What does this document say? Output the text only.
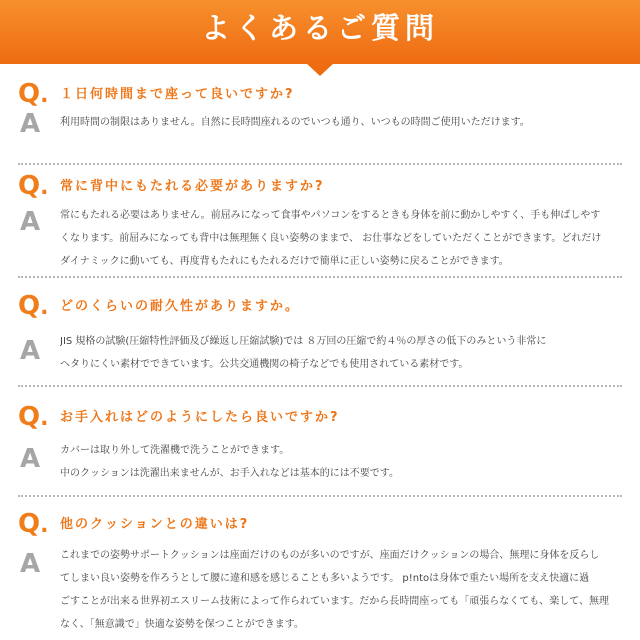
よくあるご質問
Q. １日何時間まで座って良いですか?
A 利用時間の制限はありません。自然に長時間座れるのでいつも通り、いつもの時間ご使用いただけます。
Q. 常に背中にもたれる必要がありますか?
A 常にもたれる必要はありません。前屈みになって食事やパソコンをするときも身体を前に動かしやすく、手も伸ばしやす
くなります。前屈みになっても背中は無理無く良い姿勢のままで、 お仕事などをしていただくことができます。どれだけ
ダイナミックに動いても、再度背もたれにもたれるだけで簡単に正しい姿勢に戻ることができます。
Q. どのくらいの耐久性がありますか。
A JIS 規格の試験(圧縮特性評価及び繰返し圧縮試験)では ８万回の圧縮で約４％の厚さの低下のみという非常に
ヘタりにくい素材でできています。公共交通機関の椅子などでも使用されている素材です。
Q. お手入れはどのようにしたら良いですか?
A カバーは取り外して洗濯機で洗うことができます。
中のクッションは洗濯出来ませんが、お手入れなどは基本的には不要です。
Q. 他のクッションとの違いは?
A これまでの姿勢サポートクッションは座面だけのものが多いのですが、座面だけクッションの場合、無理に身体を反らし
てしまい良い姿勢を作ろうとして腰に違和感を感じることも多いようです。 p!ntoは身体で重たい場所を支え快適に過
ごすことが出来る世界初エスリーム技術によって作られています。だから長時間座っても「頑張らなくても、楽して、無理
なく、「無意識で」快適な姿勢を保つことができます。
